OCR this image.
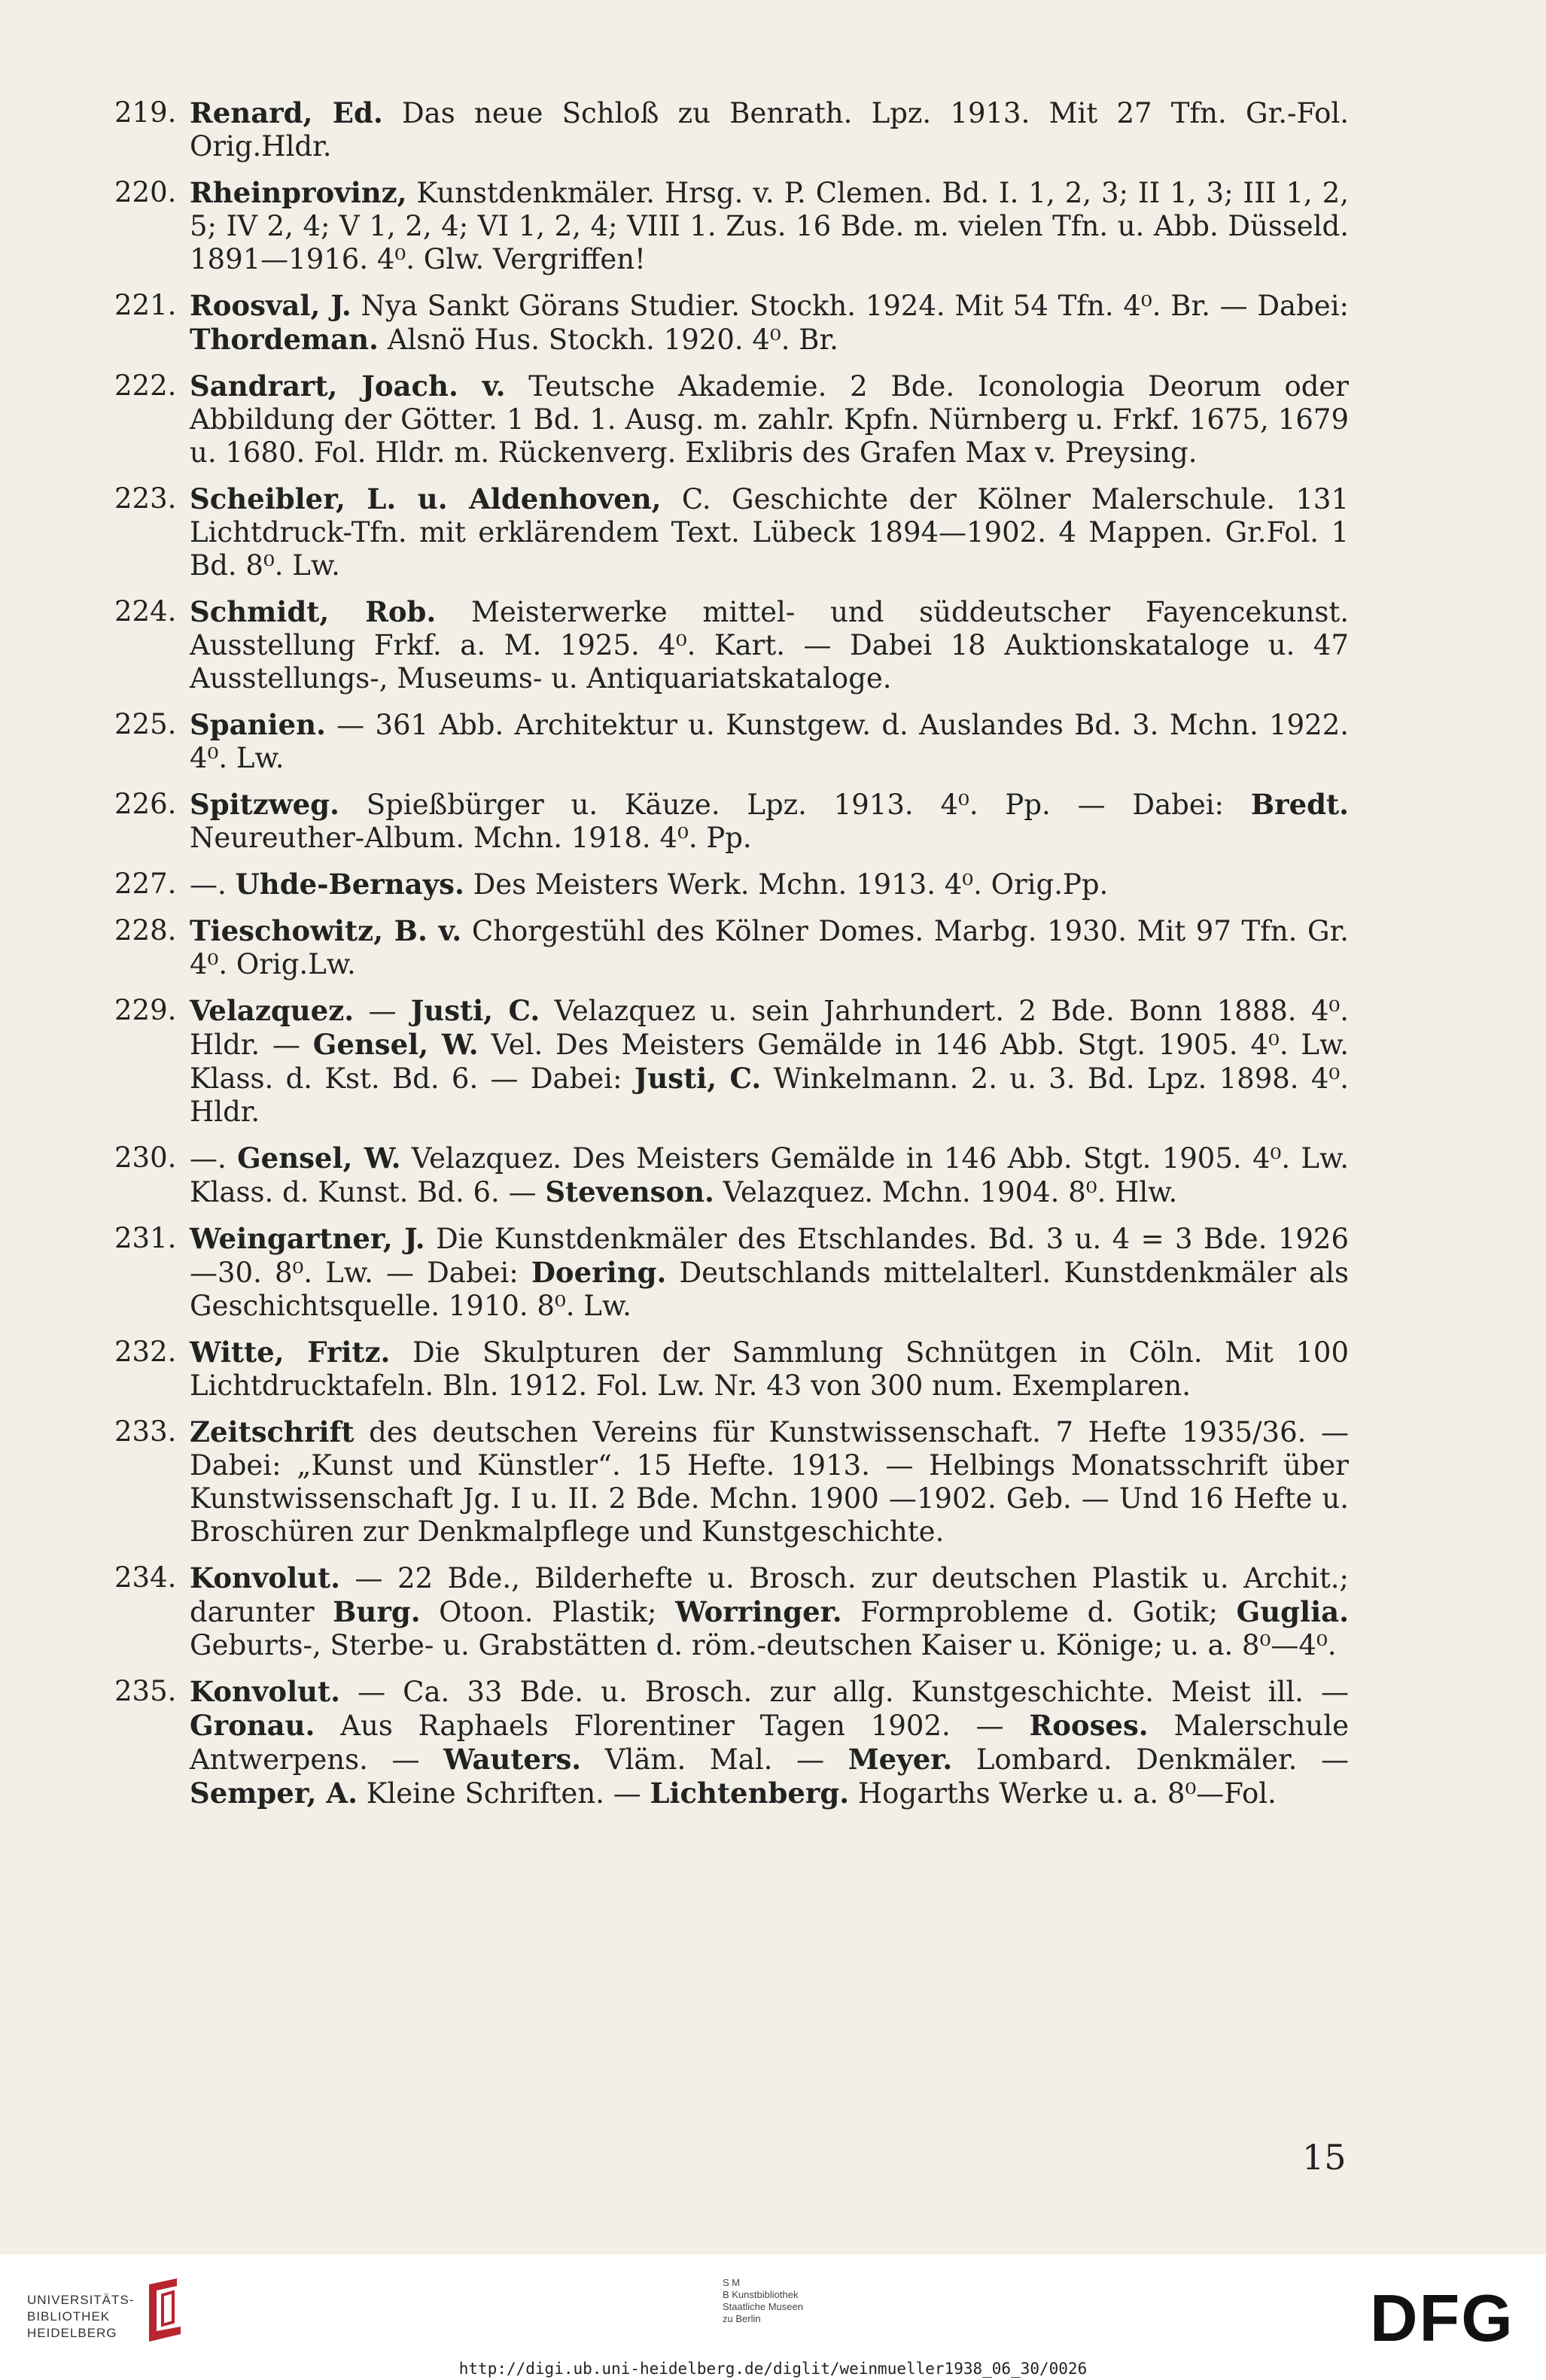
219. Renard, Ed. Das neue Schloß zu Benrath. Lpz. 1913. Mit 27 Tfn. Gr.-Fol. Orig.Hldr.
220. Rheinprovinz, Kunstdenkmäler. Hrsg. v. P. Clemen. Bd. I. 1, 2, 3; II 1, 3; III 1, 2, 5; IV 2, 4; V 1, 2, 4; VI 1, 2, 4; VIII 1. Zus. 16 Bde. m. vielen Tfn. u. Abb. Düsseld. 1891—1916. 4⁰. Glw. Vergriffen!
221. Roosval, J. Nya Sankt Görans Studier. Stockh. 1924. Mit 54 Tfn. 4⁰. Br. — Dabei: Thordeman. Alsnö Hus. Stockh. 1920. 4⁰. Br.
222. Sandrart, Joach. v. Teutsche Akademie. 2 Bde. Iconologia Deorum oder Abbildung der Götter. 1 Bd. 1. Ausg. m. zahlr. Kpfn. Nürnberg u. Frkf. 1675, 1679 u. 1680. Fol. Hldr. m. Rückenverg. Exlibris des Grafen Max v. Preysing.
223. Scheibler, L. u. Aldenhoven, C. Geschichte der Kölner Malerschule. 131 Lichtdruck-Tfn. mit erklärendem Text. Lübeck 1894—1902. 4 Mappen. Gr.Fol. 1 Bd. 8⁰. Lw.
224. Schmidt, Rob. Meisterwerke mittel- und süddeutscher Fayencekunst. Ausstellung Frkf. a. M. 1925. 4⁰. Kart. — Dabei 18 Auktionskataloge u. 47 Ausstellungs-, Museums- u. Antiquariatskataloge.
225. Spanien. — 361 Abb. Architektur u. Kunstgew. d. Auslandes Bd. 3. Mchn. 1922. 4⁰. Lw.
226. Spitzweg. Spießbürger u. Käuze. Lpz. 1913. 4⁰. Pp. — Dabei: Bredt. Neureuther-Album. Mchn. 1918. 4⁰. Pp.
227. —. Uhde-Bernays. Des Meisters Werk. Mchn. 1913. 4⁰. Orig.Pp.
228. Tieschowitz, B. v. Chorgestühl des Kölner Domes. Marbg. 1930. Mit 97 Tfn. Gr. 4⁰. Orig.Lw.
229. Velazquez. — Justi, C. Velazquez u. sein Jahrhundert. 2 Bde. Bonn 1888. 4⁰. Hldr. — Gensel, W. Vel. Des Meisters Gemälde in 146 Abb. Stgt. 1905. 4⁰. Lw. Klass. d. Kst. Bd. 6. — Dabei: Justi, C. Winkelmann. 2. u. 3. Bd. Lpz. 1898. 4⁰. Hldr.
230. —. Gensel, W. Velazquez. Des Meisters Gemälde in 146 Abb. Stgt. 1905. 4⁰. Lw. Klass. d. Kunst. Bd. 6. — Stevenson. Velazquez. Mchn. 1904. 8⁰. Hlw.
231. Weingartner, J. Die Kunstdenkmäler des Etschlandes. Bd. 3 u. 4 = 3 Bde. 1926—30. 8⁰. Lw. — Dabei: Doering. Deutschlands mittelalterl. Kunstdenkmäler als Geschichtsquelle. 1910. 8⁰. Lw.
232. Witte, Fritz. Die Skulpturen der Sammlung Schnütgen in Cöln. Mit 100 Lichtdrucktafeln. Bln. 1912. Fol. Lw. Nr. 43 von 300 num. Exemplaren.
233. Zeitschrift des deutschen Vereins für Kunstwissenschaft. 7 Hefte 1935/36. — Dabei: „Kunst und Künstler“. 15 Hefte. 1913. — Helbings Monatsschrift über Kunstwissenschaft Jg. I u. II. 2 Bde. Mchn. 1900 —1902. Geb. — Und 16 Hefte u. Broschüren zur Denkmalpflege und Kunstgeschichte.
234. Konvolut. — 22 Bde., Bilderhefte u. Brosch. zur deutschen Plastik u. Archit.; darunter Burg. Otoon. Plastik; Worringer. Formprobleme d. Gotik; Guglia. Geburts-, Sterbe- u. Grabstätten d. röm.-deutschen Kaiser u. Könige; u. a. 8⁰—4⁰.
235. Konvolut. — Ca. 33 Bde. u. Brosch. zur allg. Kunstgeschichte. Meist ill. — Gronau. Aus Raphaels Florentiner Tagen 1902. — Rooses. Malerschule Antwerpens. — Wauters. Vläm. Mal. — Meyer. Lombard. Denkmäler. — Semper, A. Kleine Schriften. — Lichtenberg. Hogarths Werke u. a. 8⁰—Fol.
15
UNIVERSITÄTS-
BIBLIOTHEK
HEIDELBERG
S M
B Kunstbibliothek
Staatliche Museen
zu Berlin	DFG
http://digi.ub.uni-heidelberg.de/diglit/weinmueller1938_06_30/0026
